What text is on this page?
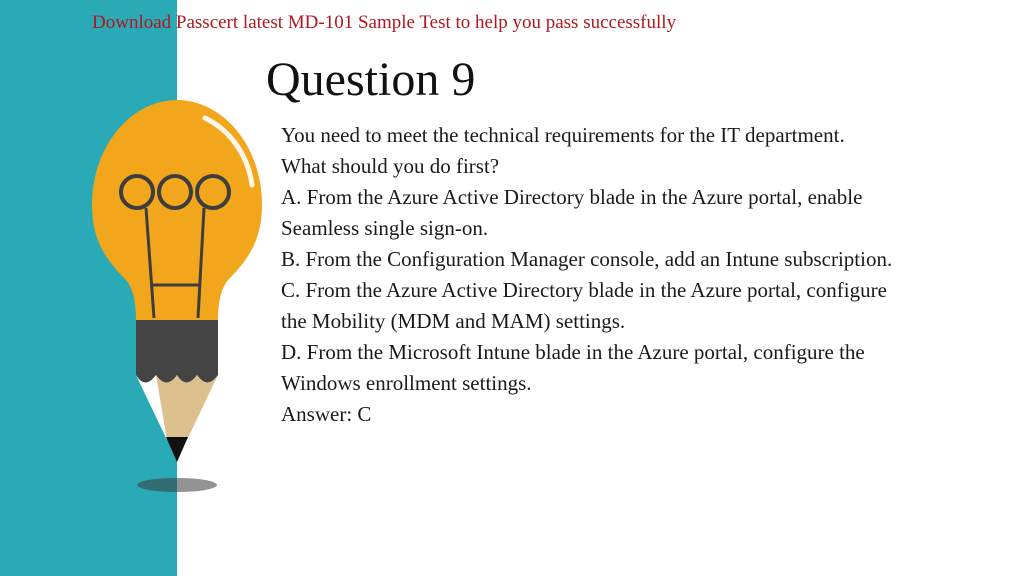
Download Passcert latest MD-101 Sample Test to help you pass successfully
Question 9
You need to meet the technical requirements for the IT department.
What should you do first?
A. From the Azure Active Directory blade in the Azure portal, enable
Seamless single sign-on.
B. From the Configuration Manager console, add an Intune subscription.
C. From the Azure Active Directory blade in the Azure portal, configure
the Mobility (MDM and MAM) settings.
D. From the Microsoft Intune blade in the Azure portal, configure the
Windows enrollment settings.
Answer: C
